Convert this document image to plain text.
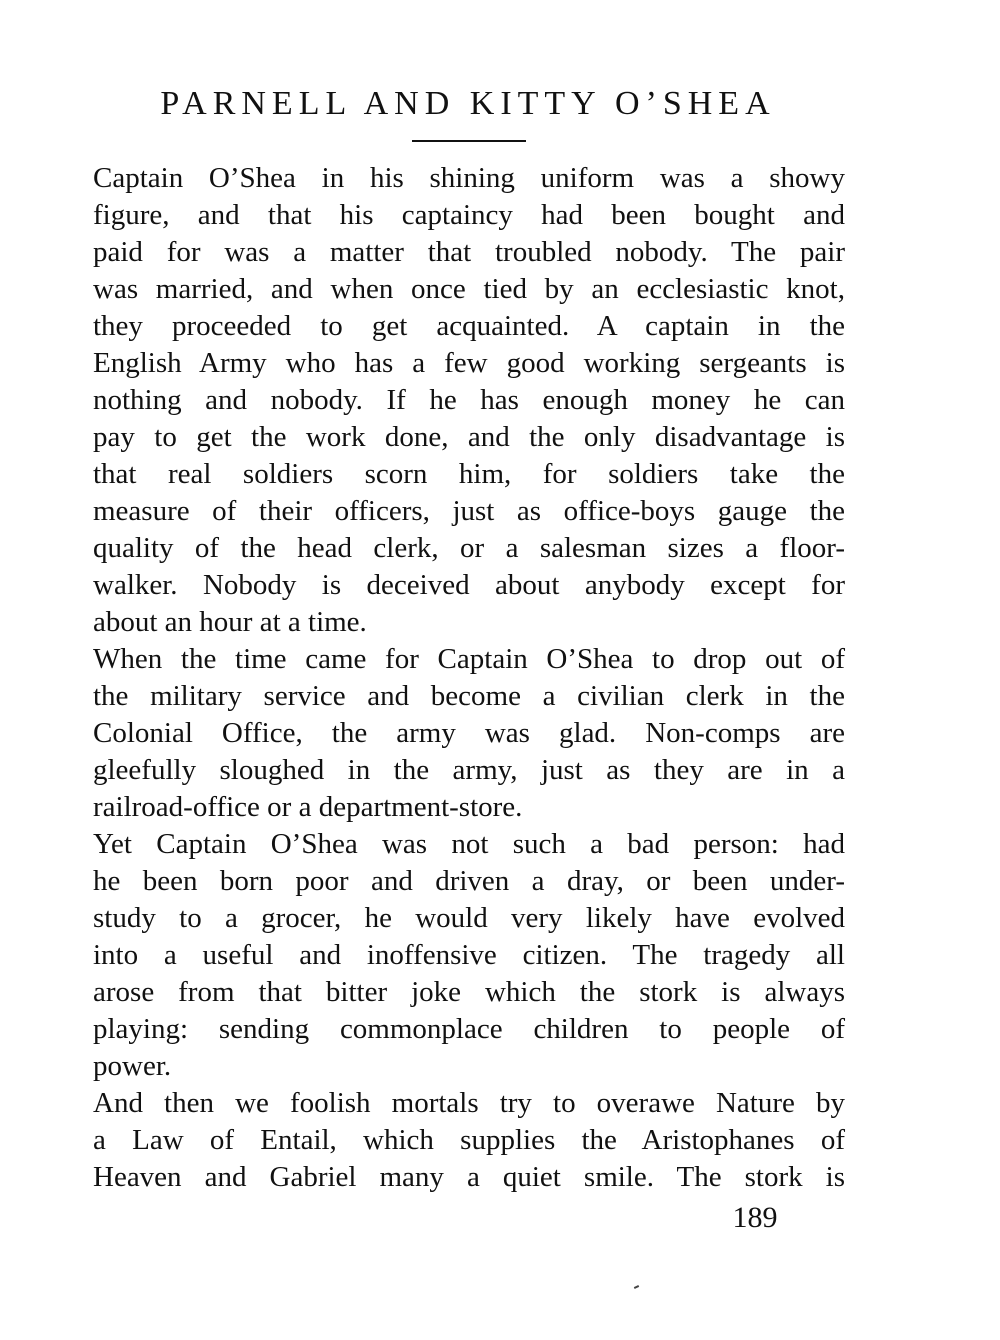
PARNELL AND KITTY O’SHEA
Captain O’Shea in his shining uniform was a showy
figure, and that his captaincy had been bought and
paid for was a matter that troubled nobody. The pair
was married, and when once tied by an ecclesiastic knot,
they proceeded to get acquainted. A captain in the
English Army who has a few good working sergeants is
nothing and nobody. If he has enough money he can
pay to get the work done, and the only disadvantage is
that real soldiers scorn him, for soldiers take the
measure of their officers, just as office-boys gauge the
quality of the head clerk, or a salesman sizes a floor-
walker. Nobody is deceived about anybody except for
about an hour at a time.
When the time came for Captain O’Shea to drop out of
the military service and become a civilian clerk in the
Colonial Office, the army was glad. Non-comps are
gleefully sloughed in the army, just as they are in a
railroad-office or a department-store.
Yet Captain O’Shea was not such a bad person: had
he been born poor and driven a dray, or been under-
study to a grocer, he would very likely have evolved
into a useful and inoffensive citizen. The tragedy all
arose from that bitter joke which the stork is always
playing: sending commonplace children to people of
power.
And then we foolish mortals try to overawe Nature by
a Law of Entail, which supplies the Aristophanes of
Heaven and Gabriel many a quiet smile. The stork is
189
